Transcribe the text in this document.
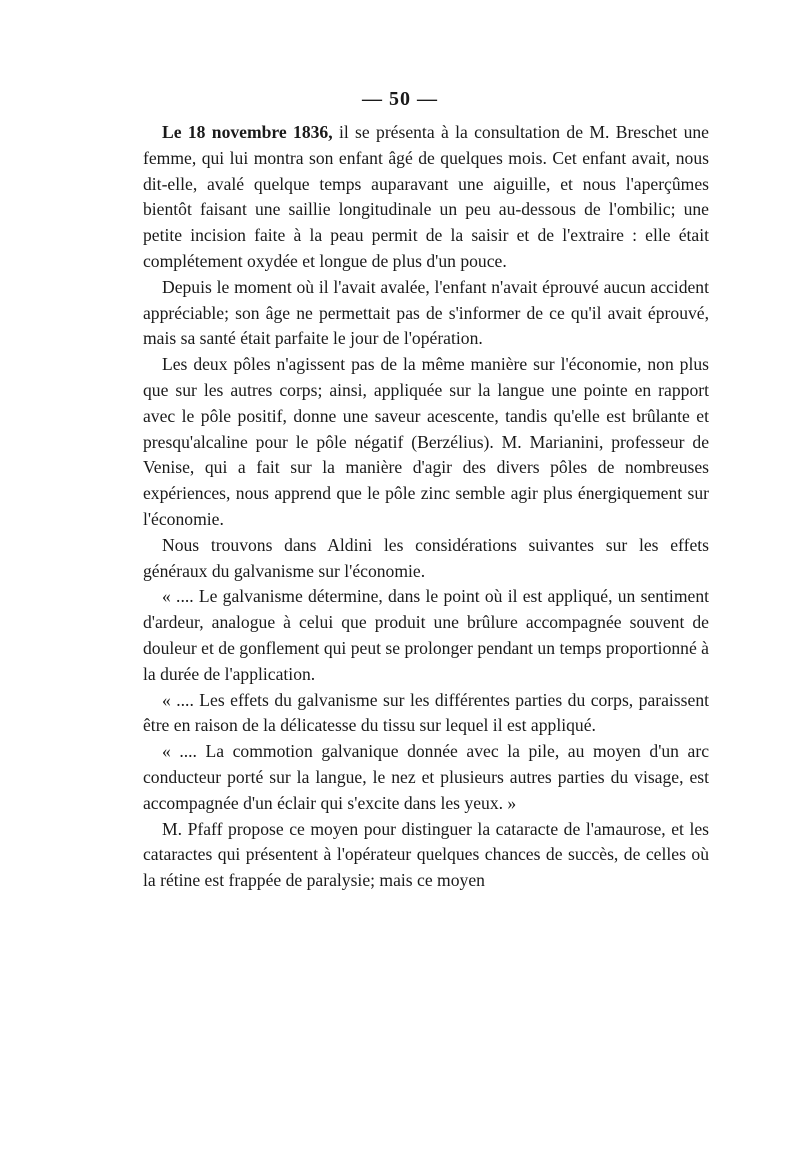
— 50 —

Le 18 novembre 1836, il se présenta à la consultation de M. Breschet une femme, qui lui montra son enfant âgé de quelques mois. Cet enfant avait, nous dit-elle, avalé quelque temps auparavant une aiguille, et nous l'aperçûmes bientôt faisant une saillie longitudinale un peu au-dessous de l'ombilic; une petite incision faite à la peau permit de la saisir et de l'extraire : elle était complétement oxydée et longue de plus d'un pouce.

Depuis le moment où il l'avait avalée, l'enfant n'avait éprouvé aucun accident appréciable; son âge ne permettait pas de s'informer de ce qu'il avait éprouvé, mais sa santé était parfaite le jour de l'opération.

Les deux pôles n'agissent pas de la même manière sur l'économie, non plus que sur les autres corps; ainsi, appliquée sur la langue une pointe en rapport avec le pôle positif, donne une saveur acescente, tandis qu'elle est brûlante et presqu'alcaline pour le pôle négatif (Berzélius). M. Marianini, professeur de Venise, qui a fait sur la manière d'agir des divers pôles de nombreuses expériences, nous apprend que le pôle zinc semble agir plus énergiquement sur l'économie.

Nous trouvons dans Aldini les considérations suivantes sur les effets généraux du galvanisme sur l'économie.

« .... Le galvanisme détermine, dans le point où il est appliqué, un sentiment d'ardeur, analogue à celui que produit une brûlure accompagnée souvent de douleur et de gonflement qui peut se prolonger pendant un temps proportionné à la durée de l'application.

« .... Les effets du galvanisme sur les différentes parties du corps, paraissent être en raison de la délicatesse du tissu sur lequel il est appliqué.

« .... La commotion galvanique donnée avec la pile, au moyen d'un arc conducteur porté sur la langue, le nez et plusieurs autres parties du visage, est accompagnée d'un éclair qui s'excite dans les yeux. »

M. Pfaff propose ce moyen pour distinguer la cataracte de l'amaurose, et les cataractes qui présentent à l'opérateur quelques chances de succès, de celles où la rétine est frappée de paralysie; mais ce moyen
